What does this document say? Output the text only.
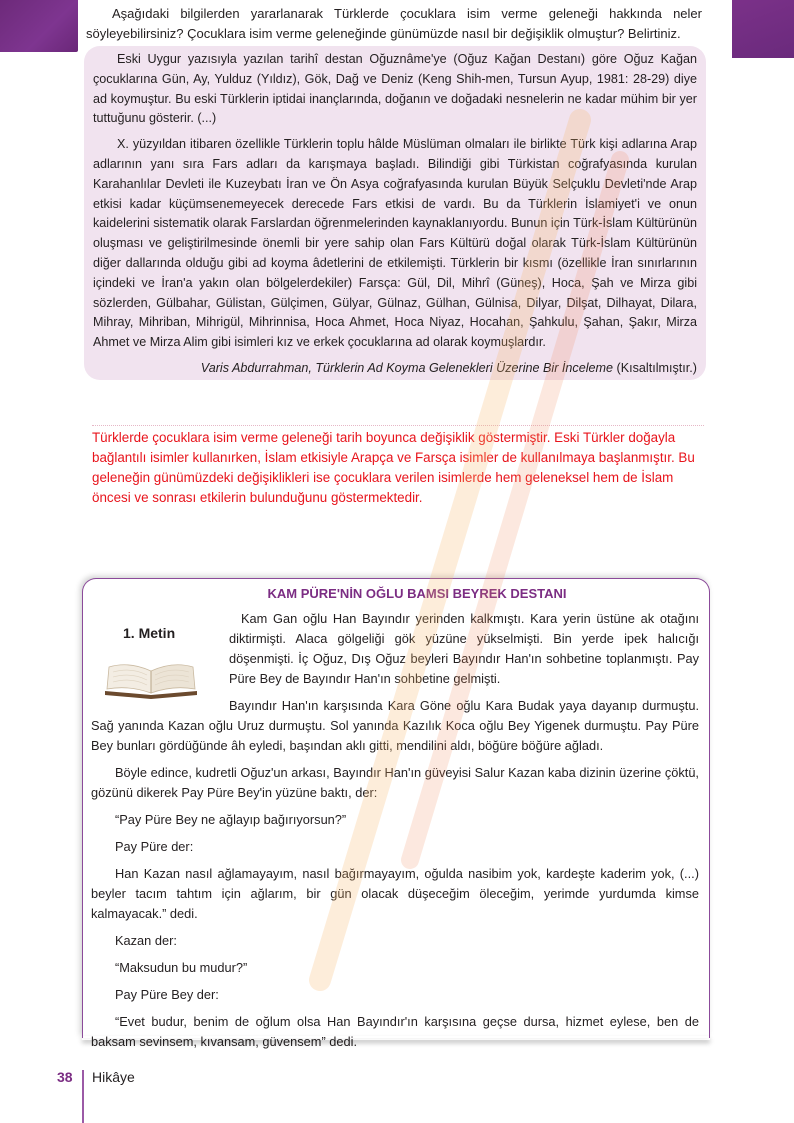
Aşağıdaki bilgilerden yararlanarak Türklerde çocuklara isim verme geleneği hakkında neler söyleyebilirsiniz? Çocuklara isim verme geleneğinde günümüzde nasıl bir değişiklik olmuştur? Belirtiniz.

Eski Uygur yazısıyla yazılan tarihî destan Oğuznâme'ye (Oğuz Kağan Destanı) göre Oğuz Kağan çocuklarına Gün, Ay, Yulduz (Yıldız), Gök, Dağ ve Deniz (Keng Shih-men, Tursun Ayup, 1981: 28-29) diye ad koymuştur. Bu eski Türklerin iptidai inançlarında, doğanın ve doğadaki nesnelerin ne kadar mühim bir yer tuttuğunu gösterir. (...)

X. yüzyıldan itibaren özellikle Türklerin toplu hâlde Müslüman olmaları ile birlikte Türk kişi adlarına Arap adlarının yanı sıra Fars adları da karışmaya başladı. Bilindiği gibi Türkistan coğrafyasında kurulan Karahanlılar Devleti ile Kuzeybatı İran ve Ön Asya coğrafyasında kurulan Büyük Selçuklu Devleti'nde Arap etkisi kadar küçümsenemeyecek derecede Fars etkisi de vardı. Bu da Türklerin İslamiyet'i ve onun kaidelerini sistematik olarak Farslardan öğrenmelerinden kaynaklanıyordu. Bunun için Türk-İslam Kültürünün oluşması ve geliştirilmesinde önemli bir yere sahip olan Fars Kültürü doğal olarak Türk-İslam Kültürünün diğer dallarında olduğu gibi ad koyma âdetlerini de etkilemişti. Türklerin bir kısmı (özellikle İran sınırlarının içindeki ve İran'a yakın olan bölgelerdekiler) Farsça: Gül, Dil, Mihrî (Güneş), Hoca, Şah ve Mirza gibi sözlerden, Gülbahar, Gülistan, Gülçimen, Gülyar, Gülnaz, Gülhan, Gülnisa, Dilyar, Dilşat, Dilhayat, Dilara, Mihray, Mihriban, Mihrigül, Mihrinnisa, Hoca Ahmet, Hoca Niyaz, Hocahan, Şahkulu, Şahan, Şakır, Mirza Ahmet ve Mirza Alim gibi isimleri kız ve erkek çocuklarına ad olarak koymuşlardır.

Varis Abdurrahman, Türklerin Ad Koyma Gelenekleri Üzerine Bir İnceleme (Kısaltılmıştır.)

Türklerde çocuklara isim verme geleneği tarih boyunca değişiklik göstermiştir. Eski Türkler doğayla bağlantılı isimler kullanırken, İslam etkisiyle Arapça ve Farsça isimler de kullanılmaya başlanmıştır. Bu geleneğin günümüzdeki değişiklikleri ise çocuklara verilen isimlerde hem geleneksel hem de İslam öncesi ve sonrası etkilerin bulunduğunu göstermektedir.

KAM PÜRE'NİN OĞLU BAMSI BEYREK DESTANI

1. Metin

Kam Gan oğlu Han Bayındır yerinden kalkmıştı. Kara yerin üstüne ak otağını diktirmişti. Alaca gölgeliği gök yüzüne yükselmişti. Bin yerde ipek halıcığı döşenmişti. İç Oğuz, Dış Oğuz beyleri Bayındır Han'ın sohbetine toplanmıştı. Pay Püre Bey de Bayındır Han'ın sohbetine gelmişti.

Bayındır Han'ın karşısında Kara Göne oğlu Kara Budak yaya dayanıp durmuştu. Sağ yanında Kazan oğlu Uruz durmuştu. Sol yanında Kazılık Koca oğlu Bey Yigenek durmuştu. Pay Püre Bey bunları gördüğünde âh eyledi, başından aklı gitti, mendilini aldı, böğüre böğüre ağladı.

Böyle edince, kudretli Oğuz'un arkası, Bayındır Han'ın güveyisi Salur Kazan kaba dizinin üzerine çöktü, gözünü dikerek Pay Püre Bey'in yüzüne baktı, der:

“Pay Püre Bey ne ağlayıp bağırıyorsun?”

Pay Püre der:

Han Kazan nasıl ağlamayayım, nasıl bağırmayayım, oğulda nasibim yok, kardeşte kaderim yok, (...) beyler tacım tahtım için ağlarım, bir gün olacak düşeceğim öleceğim, yerimde yurdumda kimse kalmayacak.” dedi.

Kazan der:

“Maksudun bu mudur?”

Pay Püre Bey der:

“Evet budur, benim de oğlum olsa Han Bayındır'ın karşısına geçse dursa, hizmet eylese, ben de baksam sevinsem, kıvansam, güvensem” dedi.

38 Hikâye
